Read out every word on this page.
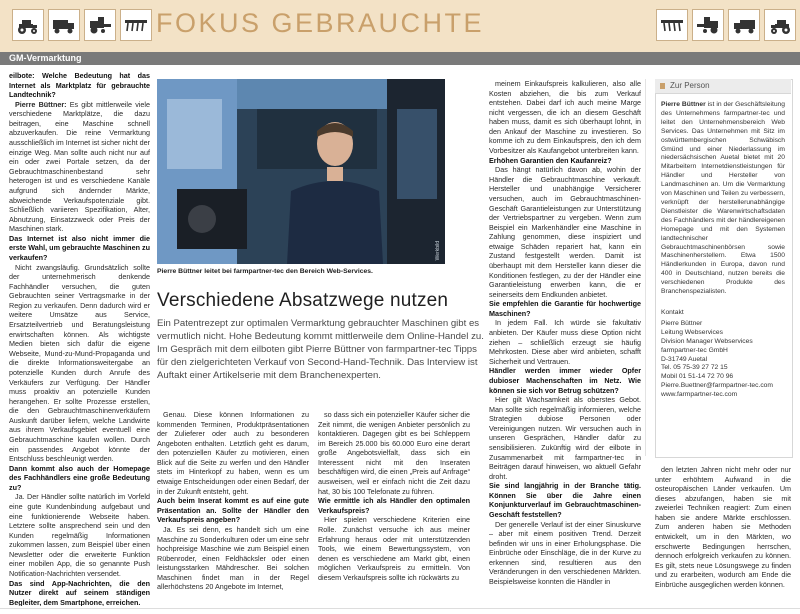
FOKUS GEBRAUCHTE
GM-Vermarktung

eilbote: Welche Bedeutung hat das Internet als Marktplatz für gebrauchte Landtechnik?

Pierre Büttner: Es gibt mittlerweile viele verschiedene Marktplätze, die dazu beitragen, eine Maschine schnell abzuverkaufen. Die reine Vermarktung ausschließlich im Internet ist sicher nicht der einzige Weg. Man sollte auch nicht nur auf ein oder zwei Portale setzen, da der Gebrauchtmaschinenbestand sehr heterogen ist und es verschiedene Kanäle aufgrund sich ändernder Märkte, abweichende Verkaufspotenziale gibt. Schließlich variieren Spezifikation, Alter, Abnutzung, Einsatzzweck oder Preis der Maschinen stark.

Das Internet ist also nicht immer die erste Wahl, um gebrauchte Maschinen zu verkaufen?

Nicht zwangsläufig. Grundsätzlich sollte der unternehmerisch denkende Fachhändler versuchen, die guten Gebrauchten seiner Vertragsmarke in der Region zu verkaufen. Denn dadurch wird er weitere Umsätze aus Service, Ersatzteilvertrieb und Beratungsleistung erwirtschaften können. Als wichtigste Medien bieten sich dafür die eigene Webseite, Mund-zu-Mund-Propaganda und die direkte Informationsweitergabe an potenzielle Kunden durch Anrufe des Verkäufers zur Verfügung. Der Händler muss proaktiv an potenzielle Kunden herangehen. Er sollte Prozesse erstellen, die den Gebrauchtmaschinenverkäufern Auskunft darüber liefern, welche Landwirte aus ihrem Verkaufsgebiet eventuell eine Gebrauchtmaschine kaufen wollen. Durch ein passendes Angebot könnte der Entschluss beschleunigt werden.

Dann kommt also auch der Homepage des Fachhändlers eine große Bedeutung zu?

Ja. Der Händler sollte natürlich im Vorfeld eine gute Kundenbindung aufgebaut und eine funktionierende Webseite haben. Letztere sollte ansprechend sein und den Kunden regelmäßig Informationen zukommen lassen, zum Beispiel über einen Newsletter oder die erweiterte Funktion einer mobilen App, die so genannte Push Notification-Nachrichten versendet.

Das sind App-Nachrichten, die den Nutzer direkt auf seinem ständigen Begleiter, dem Smartphone, erreichen.

Werkbild
Pierre Büttner leitet bei farmpartner-tec den Bereich Web-Services.
Verschiedene Absatzwege nutzen
Ein Patentrezept zur optimalen Vermarktung gebrauchter Maschinen gibt es vermutlich nicht. Hohe Bedeutung kommt mittlerweile dem Online-Handel zu. Im Gespräch mit dem eilboten gibt Pierre Büttner von farmpartner-tec Tipps für den zielgerichteten Verkauf von Second-Hand-Technik. Das Interview ist Auftakt einer Artikelserie mit dem Branchenexperten.

Genau. Diese können Informationen zu kommenden Terminen, Produktpräsentationen der Zulieferer oder auch zu besonderen Angeboten enthalten. Letztlich geht es darum, den potenziellen Käufer zu motivieren, einen Blick auf die Seite zu werfen und den Händler stets im Hinterkopf zu haben, wenn es um etwaige Entscheidungen oder einen Bedarf, der in der Zukunft entsteht, geht.

Auch beim Inserat kommt es auf eine gute Präsentation an. Sollte der Händler den Verkaufspreis angeben?

Ja. Es sei denn, es handelt sich um eine Maschine zu Sonderkulturen oder um eine sehr hochpreisige Maschine wie zum Beispiel einen Rübenroder, einen Feldhäcksler oder einen leistungsstarken Mähdrescher. Bei solchen Maschinen findet man in der Regel allerhöchstens 20 Angebote im Internet,

so dass sich ein potenzieller Käufer sicher die Zeit nimmt, die wenigen Anbieter persönlich zu kontaktieren. Dagegen gibt es bei Schleppern im Bereich 25.000 bis 60.000 Euro eine derart große Angebotsvielfalt, dass sich ein Interessent nicht mit den Inseraten beschäftigen wird, die einen „Preis auf Anfrage“ ausweisen, weil er einfach nicht die Zeit dazu hat, 30 bis 100 Telefonate zu führen.

Wie ermittle ich als Händler den optimalen Verkaufspreis?

Hier spielen verschiedene Kriterien eine Rolle. Zunächst versuche ich aus meiner Erfahrung heraus oder mit unterstützenden Tools, wie einem Bewertungssystem, von denen es verschiedene am Markt gibt, einen möglichen Verkaufspreis zu ermitteln. Von diesem Verkaufspreis sollte ich rückwärts zu

meinem Einkaufspreis kalkulieren, also alle Kosten abziehen, die bis zum Verkauf entstehen. Dabei darf ich auch meine Marge nicht vergessen, die ich an diesem Geschäft haben muss, damit es sich überhaupt lohnt, in den Ankauf der Maschine zu investieren. So komme ich zu dem Einkaufspreis, den ich dem Vorbesitzer als Kaufangebot unterbreiten kann.

Erhöhen Garantien den Kaufanreiz?

Das hängt natürlich davon ab, wohin der Händler die Gebrauchtmaschine verkauft. Hersteller und unabhängige Versicherer versuchen, auch im Gebrauchtmaschinen-Geschäft Garantieleistungen zur Unterstützung der Vertriebspartner zu vergeben. Wenn zum Beispiel ein Markenhändler eine Maschine in Zahlung genommen, diese inspiziert und etwaige Schäden repariert hat, kann ein Zustand festgestellt werden. Damit ist überhaupt mit dem Hersteller kann dieser die Konditionen festlegen, zu der der Händler eine Garantieleistung erwerben kann, die er seinerseits dem Endkunden anbietet.

Sie empfehlen die Garantie für hochwertige Maschinen?

In jedem Fall. Ich würde sie fakultativ anbieten. Der Käufer muss diese Option nicht ziehen – schließlich erzeugt sie häufig Mehrkosten. Diese aber wird anbieten, schafft Sicherheit und Vertrauen.

Händler werden immer wieder Opfer dubioser Machenschaften im Netz. Wie können sie sich vor Betrug schützen?

Hier gilt Wachsamkeit als oberstes Gebot. Man sollte sich regelmäßig informieren, welche Strategien dubiose Personen oder Vereinigungen nutzen. Wir versuchen auch in unseren Gesprächen, Händler dafür zu sensibilisieren. Zukünftig wird der eilbote in Zusammenarbeit mit farmpartner-tec in Beiträgen darauf hinweisen, wo aktuell Gefahr droht.

Sie sind langjährig in der Branche tätig. Können Sie über die Jahre einen Konjunkturverlauf im Gebrauchtmaschinen-Geschäft feststellen?

Der generelle Verlauf ist der einer Sinuskurve – aber mit einem positiven Trend. Derzeit befinden wir uns in einer Erholungsphase. Die Einbrüche oder Einschläge, die in der Kurve zu erkennen sind, resultieren aus den Veränderungen in den verschiedenen Märkten. Beispielsweise konnten die Händler in

Zur Person
Pierre Büttner ist in der Geschäftsleitung des Unternehmens farmpartner-tec und leitet den Unternehmensbereich Web Services. Das Unternehmen mit Sitz im ostwürttembergischen Schwäbisch Gmünd und einer Niederlassung im niedersächsischen Auetal bietet mit 20 Mitarbeitern Internetdienstleistungen für Händler und Hersteller von Landmaschinen an. Um die Vermarktung von Maschinen und Teilen zu verbessern, verknüpft der herstellerunabhängige Dienstleister die Warenwirtschaftsdaten des Fachhändlers mit der händlereigenen Homepage und mit den Systemen landtechnischer Gebrauchtmaschinenbörsen sowie Maschinenherstellern. Etwa 1500 Händlerkunden in Europa, davon rund 400 in Deutschland, nutzen bereits die verschiedenen Produkte des Branchenspezialisten.
Kontakt
Pierre Büttner
Leitung Webservices
Division Manager Webservices
farmpartner-tec GmbH
D-31749 Auetal
Tel. 05 75-39 27 72 15
Mobil 01 51-14 72 70 96
Pierre.Buettner@farmpartner-tec.com
www.farmpartner-tec.com

den letzten Jahren nicht mehr oder nur unter erhöhtem Aufwand in die osteuropäischen Länder verkaufen. Um dieses abzufangen, haben sie mit zweierlei Techniken reagiert: Zum einen haben sie andere Märkte erschlossen. Zum anderen haben sie Methoden entwickelt, um in den Märkten, wo erschwerte Bedingungen herrschen, dennoch erfolgreich verkaufen zu können. Es gilt, stets neue Lösungswege zu finden und zu erarbeiten, wodurch am Ende die Einbrüche ausgeglichen werden können.
